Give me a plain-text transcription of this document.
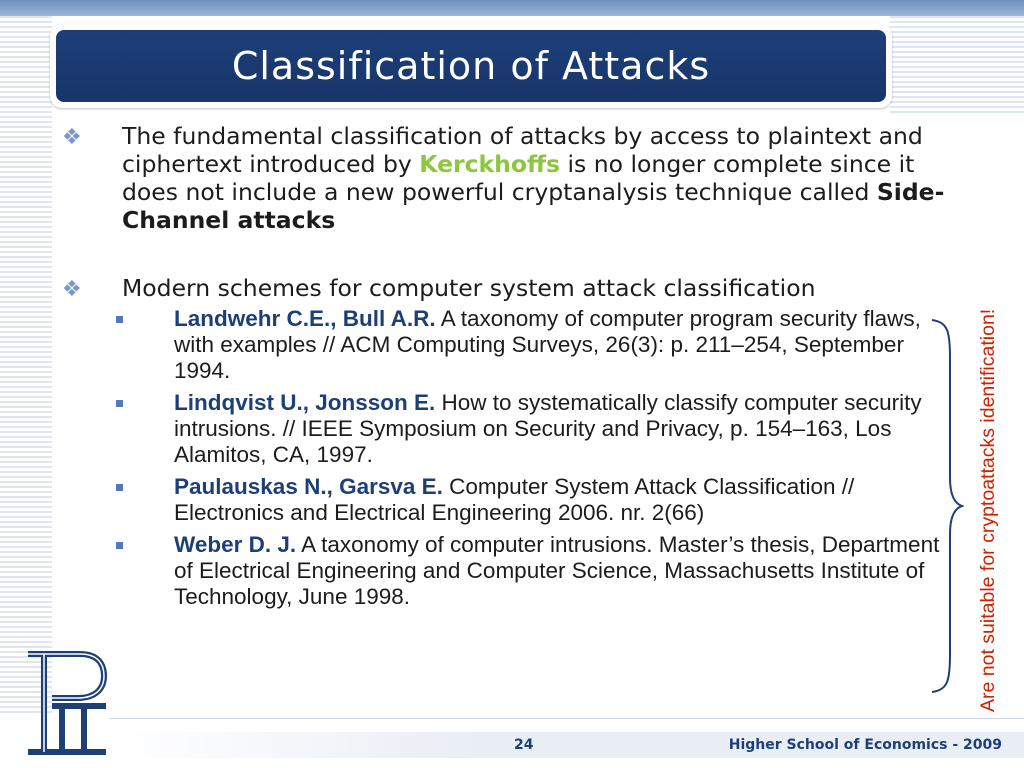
Classification of Attacks
❖ The fundamental classification of attacks by access to plaintext and ciphertext introduced by Kerckhoffs is no longer complete since it does not include a new powerful cryptanalysis technique called Side-Channel attacks
❖ Modern schemes for computer system attack classification
Landwehr C.E., Bull A.R. A taxonomy of computer program security flaws, with examples // ACM Computing Surveys, 26(3): p. 211–254, September 1994.
Lindqvist U., Jonsson E. How to systematically classify computer security intrusions. // IEEE Symposium on Security and Privacy, p. 154–163, Los Alamitos, CA, 1997.
Paulauskas N., Garsva E. Computer System Attack Classification // Electronics and Electrical Engineering 2006. nr. 2(66)
Weber D. J. A taxonomy of computer intrusions. Master’s thesis, Department of Electrical Engineering and Computer Science, Massachusetts Institute of Technology, June 1998.	Are not suitable for cryptoattacks identification!
24	Higher School of Economics - 2009
